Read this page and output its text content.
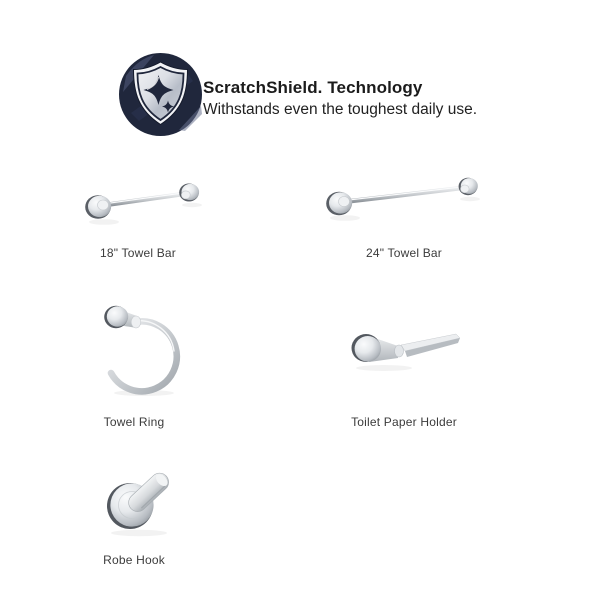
ScratchShield. Technology
Withstands even the toughest daily use.
18" Towel Bar	24" Towel Bar
Towel Ring	Toilet Paper Holder
Robe Hook
